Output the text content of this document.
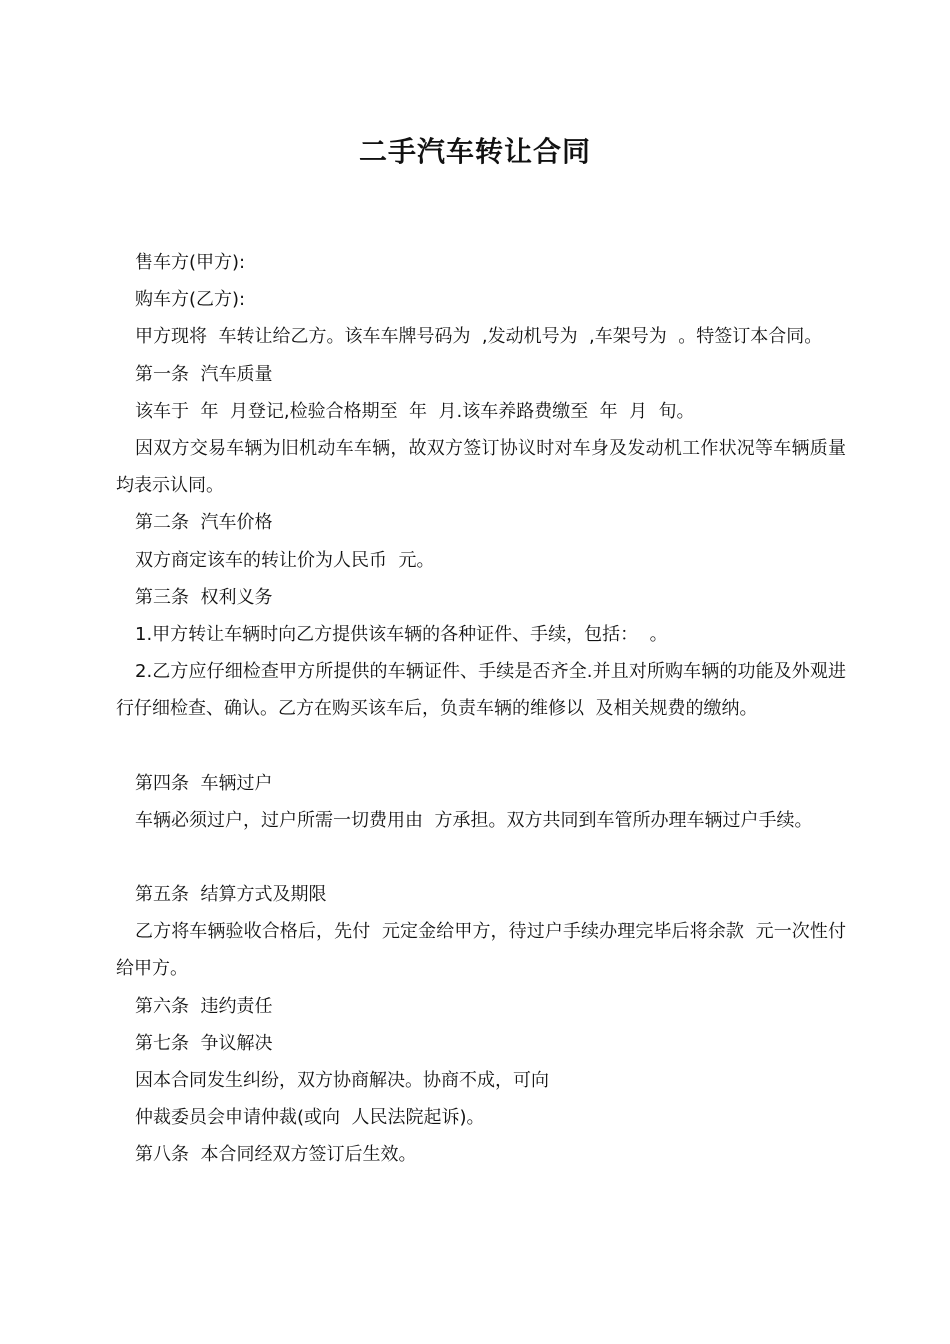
二手汽车转让合同

售车方(甲方):

购车方(乙方):

甲方现将  车转让给乙方。该车车牌号码为  ,发动机号为  ,车架号为  。特签订本合同。

第一条  汽车质量

该车于  年  月登记,检验合格期至  年  月.该车养路费缴至  年  月  旬。

因双方交易车辆为旧机动车车辆，故双方签订协议时对车身及发动机工作状况等车辆质量均表示认同。

第二条  汽车价格

双方商定该车的转让价为人民币  元。

第三条  权利义务

1.甲方转让车辆时向乙方提供该车辆的各种证件、手续，包括：  。

2.乙方应仔细检查甲方所提供的车辆证件、手续是否齐全.并且对所购车辆的功能及外观进行仔细检查、确认。乙方在购买该车后，负责车辆的维修以  及相关规费的缴纳。

第四条  车辆过户

车辆必须过户，过户所需一切费用由  方承担。双方共同到车管所办理车辆过户手续。

第五条  结算方式及期限

乙方将车辆验收合格后，先付  元定金给甲方，待过户手续办理完毕后将余款  元一次性付给甲方。

第六条  违约责任

第七条  争议解决

因本合同发生纠纷，双方协商解决。协商不成，可向

仲裁委员会申请仲裁(或向  人民法院起诉)。

第八条  本合同经双方签订后生效。
